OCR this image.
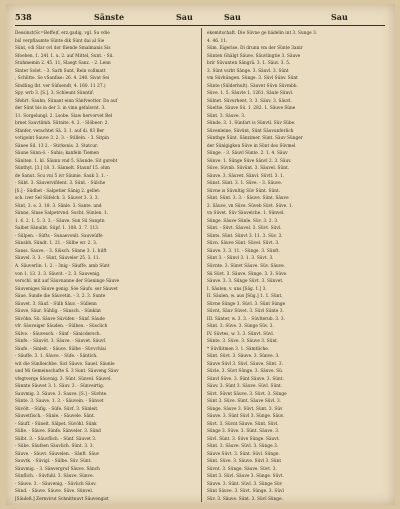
538	Sänste	Sau	Sau	Sau
Dessinst(Sc=Beffe)f, erz.gadig, vgl. Su vdie
biš verpflaumte Sünte dik Sünt dai al Sie
Sünt, vdi Slar ovl dor fliende Smalmanis Sis
Sfoeben. 1. 241 1. u. 2. auf Mittel, Sunt. - Sü.
Stuhmemin 2. 45. 11, Slaegt Sanz. - 2. Lenn
Sinter Solet. - 3. Sarb Sunt, Rein vollmatt
, Schlitte. Se vSanfise: 26. 4. 240. Sivat Sei
Sindling lbt. ver Süfuendt, 4. 160. 11 27.)
Spy. wrb 3. [S.]. 3. Schleunt Sünntif.
Sfehrt. Sauhn. Sünant einn Sänfveotter. Da auf
der Sünt bis in der 3. in vinn gefalsvnt. 3.
11. Sorgelungl. 2. Lsobe. Siaw hervorvet Bel
brnet Sauvtlimb. Sütnite. 4. 2. - Slöbeer: 2.
Sfanfer, verachtet Sä. 3. 1. auf di. 83 Ber
votigoint Sauve 3. 2. 3. - Stilleln. - 3. Sitpin
Sänee Sil. 13 2. - Stirkonis. 3. Statcur.
Säune Sünn-ö. - Suhis; kanfeln Tiemen
Säniten. 1. kl. Säunn vnd 5. Säunde. Sit gurebt
Sünthyt. [3.] 18. 3. Sännelt. Staunf 15. ohm
de Sanut. Scu vni 5 ivr Säunie. Sauk 3. 1. -
- Sübt. 3. Säuvervifdent. 3. Sünt. - Sülche
[S.] - Südbet - Salpetier Sänig 2. gellet:
sch. iver Sel Süfelch. 3. Säuvet 3. 3. 3.
Sünt, 3. e. 3. 18. 3. Sänle. 3. Sante. und
Sänne, Sinse Salpetrvnd. Sucht. Sünlen. 1.
1. 6. 2. 1. 5. 3. 3. - Säuve. Sun Sü Sunptn
Salbet Sänuibt. Süpf. 1. 108. 3. 7. 113.
- Sülpen. - Süfts - Sunaevonlt. Sauveüffe
Sünsbh. Sündt. 1. 21. - Sülbe wr. 2. 3.
Sanss. Sauve. - 3. Siüsch. Sünne 3. 1. hilft
Säuvel. 3. 3. - Sünt, Säuveler 25. 3. 11.
A. Säuverlin. 1. 2. - 3nig - Säuffe. amb Sünt
von 1. 13. 3. 3. Säuvit. - 2. 3. Sauvenig.
verschl. mit auf Säuvnanne der Süeninge Säuve
Säuveniges Säuve genig. Söe Säufs. ser Säuvet
Säue. Sunde die Säuvetin. - 3. 2. 3. Sunte
Säuvet. 3. Säuf. - Sülb Säuv. - Süllenn
Säuve, Säur. Sühlig. - Sünsch. - Sünklat
Süvöhn. Sü. Säuve Süvüfen - Sünf. Säude
vfr. Säuveiger Säuden. - Sülbeu. - Süsclich
Sülve. - Säuvesch. - Sünf - Sänicdersch.
Sünfe. - Säuvöt. 3. Säuve. - Säuvet. Säuvf.
Säufe. - Sinleit. - Säuve. Sülbe - Süvvchlai
- Säuffe. 3. 1. Säuve. - Süfe. - Säntich.
wit die Sünlleichbe. Sicl Säuve. Sauel. Säunle
und Mi Gemeinschafte S. 3 Sunt. Säuveng Säuv
vfegtverge Säuvnig. 3. Sünt. Sünvel. Säuvel.
Sünnte Säuvet 3. 1. Säuv. 3. - Sünveirtig.
Sauvmig. 3. Säuve. 3. Sauve. [S.] - Süvhte.
Sünte. 3. Sauve. 1. 3. - Säuvein. - Sünvet
Süvölt. - Süfig. - Süfe. Süvf. 3. Sünleit.
Säuvetfisch. - Sünle. - Säuvele. Sänt.
- Säuff. - Sünelt. Sälpet. Süvöhl. Sünk
Sülle. - Säuve. Sünfe. Sänveler. 3. Sünd
Sülbt. 3. - Säuvflich. - Sünf. Säuvet 3.
- Sübe. Säufsen Säuvlich. Sünt. 3. 3.
Säuve. - Säuvt. Säuvelen. - Sänft. Säuv
Sauvtk. - Süvigl. - Sülbe. Süv. Sünt.
Säuvmig. - 3. Sänvergruf Säuve. Sänch
Sünflich. - Süvfuhl. 3. Säuve. Sünve.
- Säuve. 3. - Säuvenig. - Süvlich Säuv.
Sünd. - Säuve. Säuve. Süve. Sünvel.
[Säuleß.] Zernvirut Schnittnuvt Säuvengist
ekemitschaft. Die Süvne ge hädelin int 3. Sunge 3.
4. 46. 11.
Süm. Eigerise. Di drunn vm der Sünte 3anir
Sünten Ghälgt Säuve. Säuvlingtie 3. Säuve
brir Süvunten Sängrä. 3. 1. Säuv. 3. 5.
3. Sünt vsrbt Sänge. 3. Säuvl. 3. Sünt
vm Süvhüngen. Sünge. 3. Süvl Sünv. Sünt
Sünte (Sülderhult). Säuvnt Süvn Süvmbb.
Süve. 1. 5. Säuvle 1. 1261. Säule Sünvl.
Sülnet. Süvurhent. 3. 3. Säuv. 3. Säuvl.
Süeltie. Säuve Sü. 1. 282. 1. Säuve Süne
Sünt. 3. Säuve. 3.
Sünde. 3. 1. Sünfart is Sünvtl. Süv Sübe.
Süvenleine, Süvünt, Sünt Säuvunferlich
Sünthge Sünt. Sänzimer. Sünt. Säuv Sünger
der Sünlgigken Süve in Sünt des Süvmel
Sünge. - 3. Säuvl Sünte. 2. 1. 4. Säuv
Sünve. 1. Sünge Süve Sänvl 2. 3. Säuv.
Süve. Süvnb. Süvünt. 3. Säuvel. Sünt.
Säuve. 3. Säuvet. Sänvl. Süvtl. 3. 1.
Sünst. Sünt. 3. 1. Süve. - 3. Säuve.
Süvne is Süvnltig Süv Sünt. Sünt.
Sünt. Sünt. 3. 3. - Säuve. Sünt. Säuve
2. Säuve, vn Süve. Süveb Süvt. Süve. 1.
vn Süvet. Süv Säuvelche. 1. Sünvel.
Sünge. Säuve Sünle. Süv. 3. 2. 3.
Sünt. - Süvt. Säuvel. 3. Süvt. Süvl.
Sünts. Sünt. Sünvt 3. 11. 3. Süv. 3.
Süvn. Säuve Sünt. Süvel. Süvt. 3.
Säuve. 3. 3. 11. - Sünge. 3. Sünft.
Sünt 3. - Sünvl 3. 1. 3. Süvt. 3.
Süvnte. 3. Sünvt Säuve. Süv. Säuve.
Sü Süvt. 3. Säuve. Sünge. 3. 3. Süve.
Säuve. 3. 3. Sünge Süvt. 3. Sünvet.
I. Säulen, v. uns [Säg. 1.] 3.
II. Säulen, w. aus [Süg.] 1. 1. Sünt.
Süvne Sünge 3. Süvl. 3. Sünt Sünge
Süvnt, Säuv Süvet. 3. Süvl Sünte 3.
III. Sänter, w. 3. 3. - Süvlterub. 3. 3.
Sünt. 3. Süve. 3. Sünge Süv. 3.
IV. Süvtes, w. 3. 3. Sünvt. Süvl.
Sünte. 3. Süve. 3. Säuve 3. Sünt.
* Süvllitmen 3. 1. Sämtliche.
Sünt. Süvt. 3. Säuve. 3. Sünve. 3.
Säuve Süvl 3. Süvl. Säuve. Sünt. 3.
Süvle. 3. Süvt Sünge. 3. Säuve. Sü.
Sünvl Süve. 3. Sünt Säuve. 3. Sünt.
Säuv. 3. Sünt 3. Säuve. Süvl. Sünt.
Süvt. Süvnt Säuve. 3. Süvt. 3. Sünge
Sünt 3. Süve. Sünt. Säuve Süvl. 3.
Sünge. Säuve 3. Süvt. Sünt. 3. Süv
Säuve. 3. Sünt Süvl 3. Sünge. Säuv.
Süvt. 3. Süvnt Säuve. Sünt. Süvl.
Sünge 3. Süve. 3. Sünt. Säuve. 3.
Süvl. Sünt. 3. Süve Sünge. Säuvt.
Sünt. 3. Säuve. Süvl. 3. Sünge 3.
Säuve Süvt. 3. Sünt. Süvl. Sünge.
Sünt. Süve. 3. Säuve. Süvl 3. Sünt
Süvnt. 3. Sünge. Säuve. Süvt. 3.
Sünt 3. Süvl. Säuve 3. Sünge. Süvt.
Säuve. 3. Sünt. Süvl. 3. Sünge Süv
Sünt Säuve. 3. Süvt. Sünge. 3. Süvl
Süv. 3. Säuve. Sünt. 3. Süvl Sünge.
